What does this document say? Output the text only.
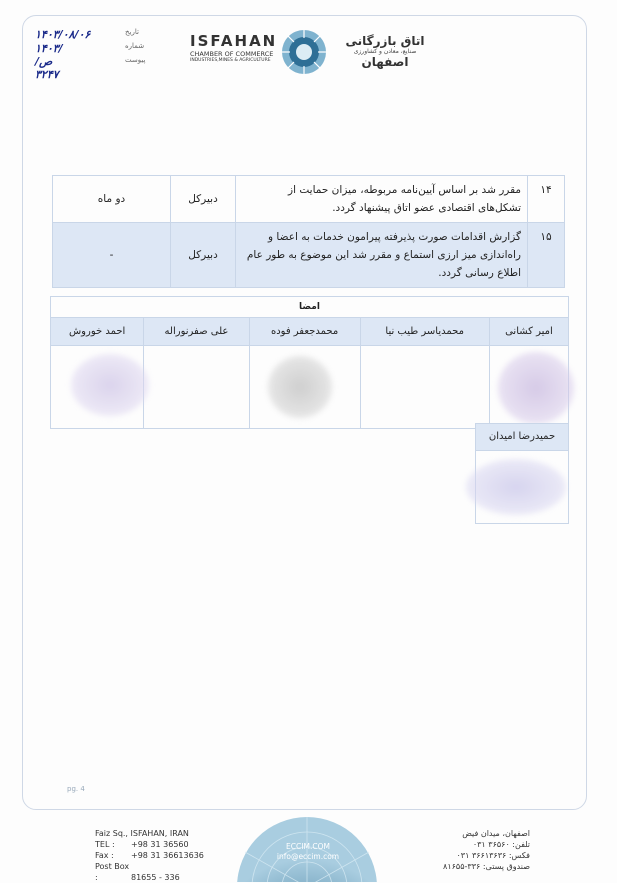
۱۴۰۳/۰۸/۰۶	تاریخ
۱۴۰۳/ص/۳۲۴۷
شماره
پیوست
ISFAHAN
CHAMBER OF COMMERCE
INDUSTRIES,MINES & AGRICULTURE
اتاق بازرگانی
صنایع، معادن و کشاورزی
اصفهان
۱۴	مقرر شد بر اساس آیین‌نامه مربوطه، میزان حمایت از تشکل‌های اقتصادی عضو اتاق پیشنهاد گردد.	دبیرکل	دو ماه
۱۵	گزارش اقدامات صورت پذیرفته پیرامون خدمات به اعضا و راه‌اندازی میز ارزی استماع و مقرر شد این موضوع به طور عام اطلاع رسانی گردد.	دبیرکل	-
امضا				
امیر کشانی	محمدیاسر طیب نیا	محمدجعفر فوده	علی صفرنوراله	احمد خوروش

حمیدرضا امیدان
pg. 4
Faiz Sq., ISFAHAN, IRAN
TEL : +98 31 36560
Fax : +98 31 36613636
Post Box :	81655 - 336
ECCIM.COM
info@eccim.com
اصفهان، میدان فیض
تلفن: ۳۶۵۶۰ ۰۳۱
فکس: ۳۶۶۱۳۶۳۶ ۰۳۱
صندوق پستی: ۳۳۶-۸۱۶۵۵
